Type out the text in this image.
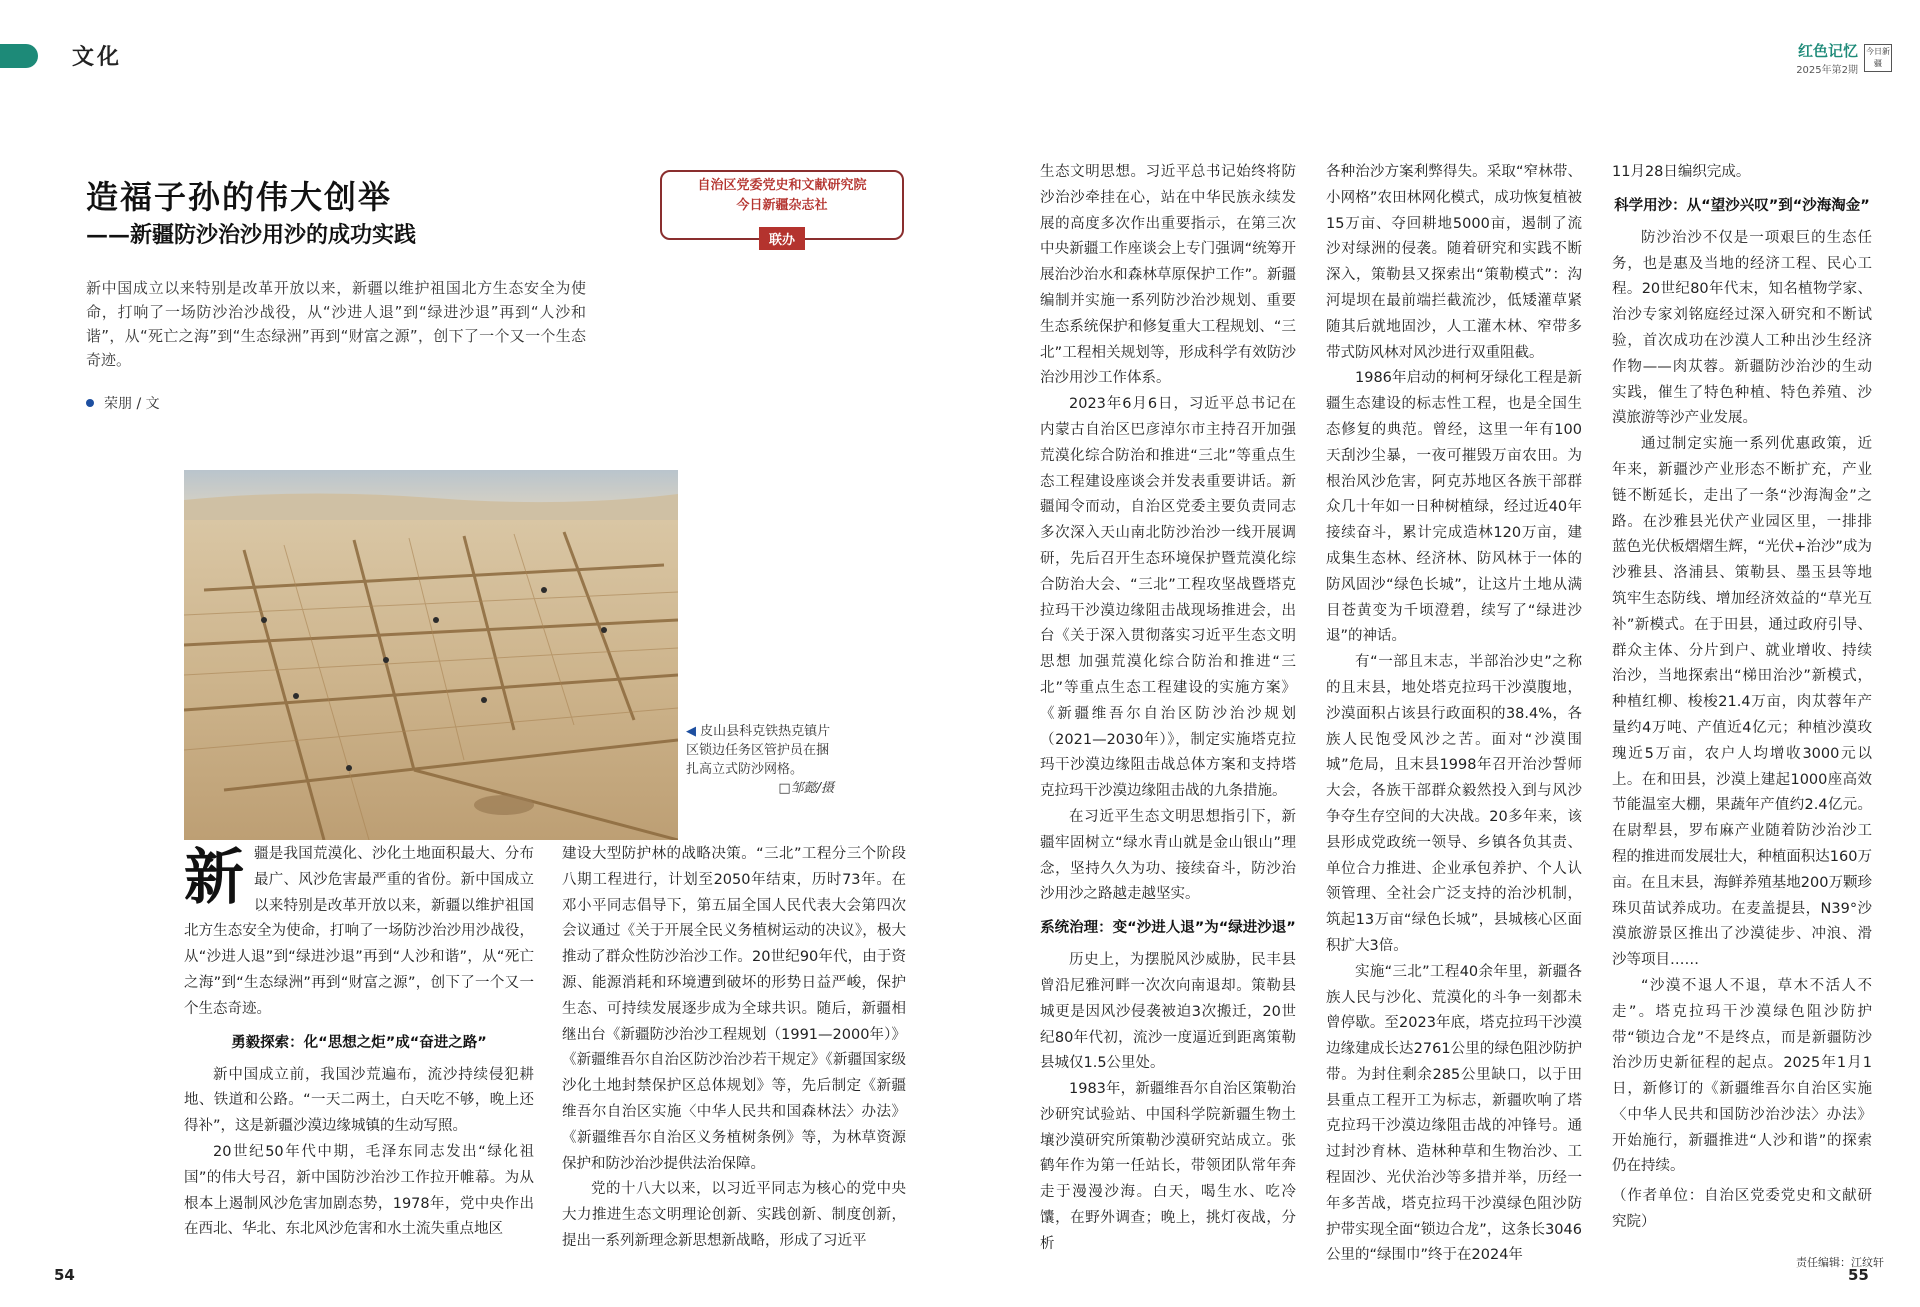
文化	红色记忆
2025年第2期
今日新疆
造福子孙的伟大创举
——新疆防沙治沙用沙的成功实践
自治区党委党史和文献研究院
今日新疆杂志社
联办
新中国成立以来特别是改革开放以来，新疆以维护祖国北方生态安全为使命，打响了一场防沙治沙战役，从“沙进人退”到“绿进沙退”再到“人沙和谐”，从“死亡之海”到“生态绿洲”再到“财富之源”，创下了一个又一个生态奇迹。
荣朋 / 文
◀ 皮山县科克铁热克镇片区锁边任务区管护员在捆扎高立式防沙网格。
□邹懿/摄
新 疆是我国荒漠化、沙化土地面积最大、分布最广、风沙危害最严重的省份。新中国成立以来特别是改革开放以来，新疆以维护祖国北方生态安全为使命，打响了一场防沙治沙用沙战役，从“沙进人退”到“绿进沙退”再到“人沙和谐”，从“死亡之海”到“生态绿洲”再到“财富之源”，创下了一个又一个生态奇迹。

勇毅探索：化“思想之炬”成“奋进之路”

新中国成立前，我国沙荒遍布，流沙持续侵犯耕地、铁道和公路。“一天二两土，白天吃不够，晚上还得补”，这是新疆沙漠边缘城镇的生动写照。

20世纪50年代中期，毛泽东同志发出“绿化祖国”的伟大号召，新中国防沙治沙工作拉开帷幕。为从根本上遏制风沙危害加剧态势，1978年，党中央作出在西北、华北、东北风沙危害和水土流失重点地区

建设大型防护林的战略决策。“三北”工程分三个阶段八期工程进行，计划至2050年结束，历时73年。在邓小平同志倡导下，第五届全国人民代表大会第四次会议通过《关于开展全民义务植树运动的决议》，极大推动了群众性防沙治沙工作。20世纪90年代，由于资源、能源消耗和环境遭到破坏的形势日益严峻，保护生态、可持续发展逐步成为全球共识。随后，新疆相继出台《新疆防沙治沙工程规划（1991—2000年）》《新疆维吾尔自治区防沙治沙若干规定》《新疆国家级沙化土地封禁保护区总体规划》等，先后制定《新疆维吾尔自治区实施〈中华人民共和国森林法〉办法》《新疆维吾尔自治区义务植树条例》等，为林草资源保护和防沙治沙提供法治保障。

党的十八大以来，以习近平同志为核心的党中央大力推进生态文明理论创新、实践创新、制度创新，提出一系列新理念新思想新战略，形成了习近平

生态文明思想。习近平总书记始终将防沙治沙牵挂在心，站在中华民族永续发展的高度多次作出重要指示，在第三次中央新疆工作座谈会上专门强调“统筹开展治沙治水和森林草原保护工作”。新疆编制并实施一系列防沙治沙规划、重要生态系统保护和修复重大工程规划、“三北”工程相关规划等，形成科学有效防沙治沙用沙工作体系。

2023年6月6日，习近平总书记在内蒙古自治区巴彦淖尔市主持召开加强荒漠化综合防治和推进“三北”等重点生态工程建设座谈会并发表重要讲话。新疆闻令而动，自治区党委主要负责同志多次深入天山南北防沙治沙一线开展调研，先后召开生态环境保护暨荒漠化综合防治大会、“三北”工程攻坚战暨塔克拉玛干沙漠边缘阻击战现场推进会，出台《关于深入贯彻落实习近平生态文明思想 加强荒漠化综合防治和推进“三北”等重点生态工程建设的实施方案》《新疆维吾尔自治区防沙治沙规划（2021—2030年）》，制定实施塔克拉玛干沙漠边缘阻击战总体方案和支持塔克拉玛干沙漠边缘阻击战的九条措施。

在习近平生态文明思想指引下，新疆牢固树立“绿水青山就是金山银山”理念，坚持久久为功、接续奋斗，防沙治沙用沙之路越走越坚实。

系统治理：变“沙进人退”为“绿进沙退”

历史上，为摆脱风沙威胁，民丰县曾沿尼雅河畔一次次向南退却。策勒县城更是因风沙侵袭被迫3次搬迁，20世纪80年代初，流沙一度逼近到距离策勒县城仅1.5公里处。

1983年，新疆维吾尔自治区策勒治沙研究试验站、中国科学院新疆生物土壤沙漠研究所策勒沙漠研究站成立。张鹤年作为第一任站长，带领团队常年奔走于漫漫沙海。白天，喝生水、吃冷馕，在野外调查；晚上，挑灯夜战，分析

各种治沙方案利弊得失。采取“窄林带、小网格”农田林网化模式，成功恢复植被15万亩、夺回耕地5000亩，遏制了流沙对绿洲的侵袭。随着研究和实践不断深入，策勒县又探索出“策勒模式”：沟河堤坝在最前端拦截流沙，低矮灌草紧随其后就地固沙，人工灌木林、窄带多带式防风林对风沙进行双重阻截。

1986年启动的柯柯牙绿化工程是新疆生态建设的标志性工程，也是全国生态修复的典范。曾经，这里一年有100天刮沙尘暴，一夜可摧毁万亩农田。为根治风沙危害，阿克苏地区各族干部群众几十年如一日种树植绿，经过近40年接续奋斗，累计完成造林120万亩，建成集生态林、经济林、防风林于一体的防风固沙“绿色长城”，让这片土地从满目苍黄变为千顷澄碧，续写了“绿进沙退”的神话。

有“一部且末志，半部治沙史”之称的且末县，地处塔克拉玛干沙漠腹地，沙漠面积占该县行政面积的38.4%，各族人民饱受风沙之苦。面对“沙漠围城”危局，且末县1998年召开治沙誓师大会，各族干部群众毅然投入到与风沙争夺生存空间的大决战。20多年来，该县形成党政统一领导、乡镇各负其责、单位合力推进、企业承包养护、个人认领管理、全社会广泛支持的治沙机制，筑起13万亩“绿色长城”，县城核心区面积扩大3倍。

实施“三北”工程40余年里，新疆各族人民与沙化、荒漠化的斗争一刻都未曾停歇。至2023年底，塔克拉玛干沙漠边缘建成长达2761公里的绿色阻沙防护带。为封住剩余285公里缺口，以于田县重点工程开工为标志，新疆吹响了塔克拉玛干沙漠边缘阻击战的冲锋号。通过封沙育林、造林种草和生物治沙、工程固沙、光伏治沙等多措并举，历经一年多苦战，塔克拉玛干沙漠绿色阻沙防护带实现全面“锁边合龙”，这条长3046公里的“绿围巾”终于在2024年

11月28日编织完成。

科学用沙：从“望沙兴叹”到“沙海淘金”

防沙治沙不仅是一项艰巨的生态任务，也是惠及当地的经济工程、民心工程。20世纪80年代末，知名植物学家、治沙专家刘铭庭经过深入研究和不断试验，首次成功在沙漠人工种出沙生经济作物——肉苁蓉。新疆防沙治沙的生动实践，催生了特色种植、特色养殖、沙漠旅游等沙产业发展。

通过制定实施一系列优惠政策，近年来，新疆沙产业形态不断扩充，产业链不断延长，走出了一条“沙海淘金”之路。在沙雅县光伏产业园区里，一排排蓝色光伏板熠熠生辉，“光伏+治沙”成为沙雅县、洛浦县、策勒县、墨玉县等地筑牢生态防线、增加经济效益的“草光互补”新模式。在于田县，通过政府引导、群众主体、分片到户、就业增收、持续治沙，当地探索出“梯田治沙”新模式，种植红柳、梭梭21.4万亩，肉苁蓉年产量约4万吨、产值近4亿元；种植沙漠玫瑰近5万亩，农户人均增收3000元以上。在和田县，沙漠上建起1000座高效节能温室大棚，果蔬年产值约2.4亿元。在尉犁县，罗布麻产业随着防沙治沙工程的推进而发展壮大，种植面积达160万亩。在且末县，海鲜养殖基地200万颗珍珠贝苗试养成功。在麦盖提县，N39°沙漠旅游景区推出了沙漠徒步、冲浪、滑沙等项目……

“沙漠不退人不退，草木不活人不走”。塔克拉玛干沙漠绿色阻沙防护带“锁边合龙”不是终点，而是新疆防沙治沙历史新征程的起点。2025年1月1日，新修订的《新疆维吾尔自治区实施〈中华人民共和国防沙治沙法〉办法》开始施行，新疆推进“人沙和谐”的探索仍在持续。

（作者单位：自治区党委党史和文献研究院）

54
责任编辑：江纹轩
55
